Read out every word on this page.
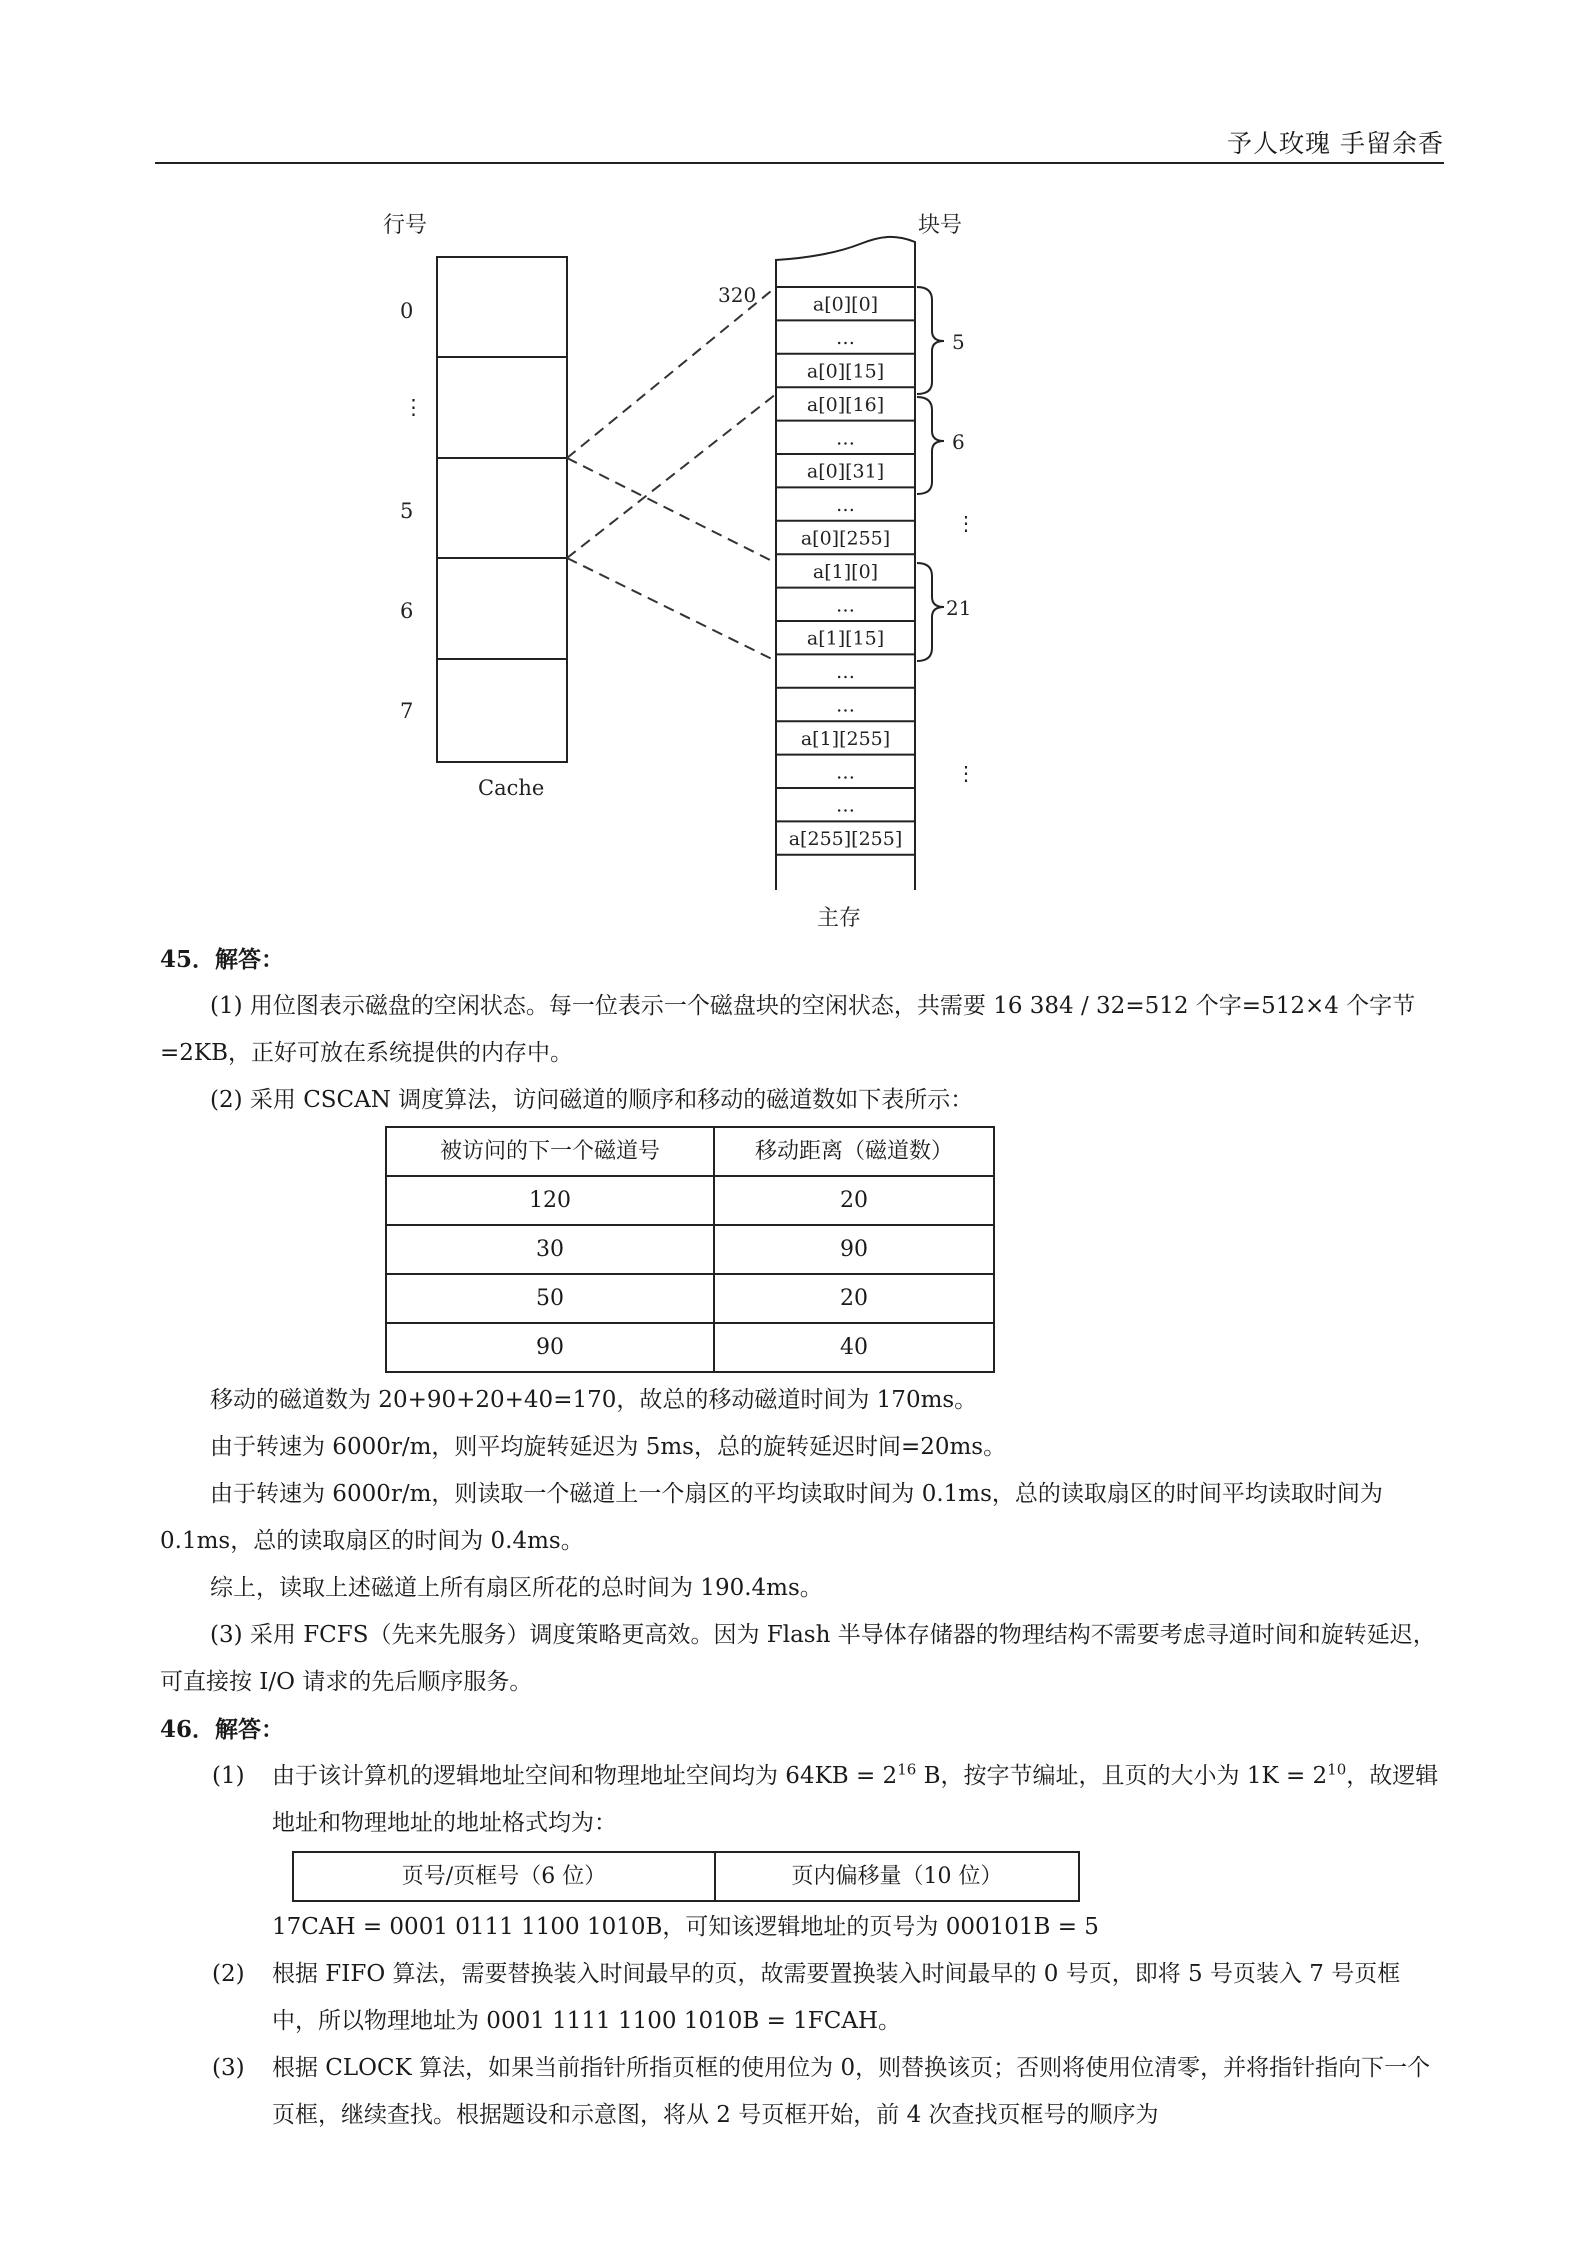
予人玫瑰 手留余香
行号	块号
0
⋮
5
6
7
Cache
a[0][0]
…
a[0][15]
a[0][16]
…
a[0][31]
…
a[0][255]
a[1][0]
…
a[1][15]
…
…
a[1][255]
…
…
a[255][255]
320
主存
5
6
⋮
21
⋮

45．解答：

(1) 用位图表示磁盘的空闲状态。每一位表示一个磁盘块的空闲状态，共需要 16 384 / 32=512 个字=512×4 个字节=2KB，正好可放在系统提供的内存中。

(2) 采用 CSCAN 调度算法，访问磁道的顺序和移动的磁道数如下表所示：

被访问的下一个磁道号	移动距离（磁道数）
120	20
30	90
50	20
90	40

移动的磁道数为 20+90+20+40=170，故总的移动磁道时间为 170ms。

由于转速为 6000r/m，则平均旋转延迟为 5ms，总的旋转延迟时间=20ms。

由于转速为 6000r/m，则读取一个磁道上一个扇区的平均读取时间为 0.1ms，总的读取扇区的时间平均读取时间为 0.1ms，总的读取扇区的时间为 0.4ms。

综上，读取上述磁道上所有扇区所花的总时间为 190.4ms。

(3) 采用 FCFS（先来先服务）调度策略更高效。因为 Flash 半导体存储器的物理结构不需要考虑寻道时间和旋转延迟，可直接按 I/O 请求的先后顺序服务。

46．解答：

(1) 由于该计算机的逻辑地址空间和物理地址空间均为 $64KB = 2^{16}$ B，按字节编址，且页的大小为 $1K = 2^{10}$，故逻辑地址和物理地址的地址格式均为：
页号/页框号（6 位）	页内偏移量（10 位）
17CAH = 0001 0111 1100 1010B，可知该逻辑地址的页号为 000101B = 5
(2) 根据 FIFO 算法，需要替换装入时间最早的页，故需要置换装入时间最早的 0 号页，即将 5 号页装入 7 号页框中，所以物理地址为 0001 1111 1100 1010B = 1FCAH。
(3) 根据 CLOCK 算法，如果当前指针所指页框的使用位为 0，则替换该页；否则将使用位清零，并将指针指向下一个页框，继续查找。根据题设和示意图，将从 2 号页框开始，前 4 次查找页框号的顺序为
